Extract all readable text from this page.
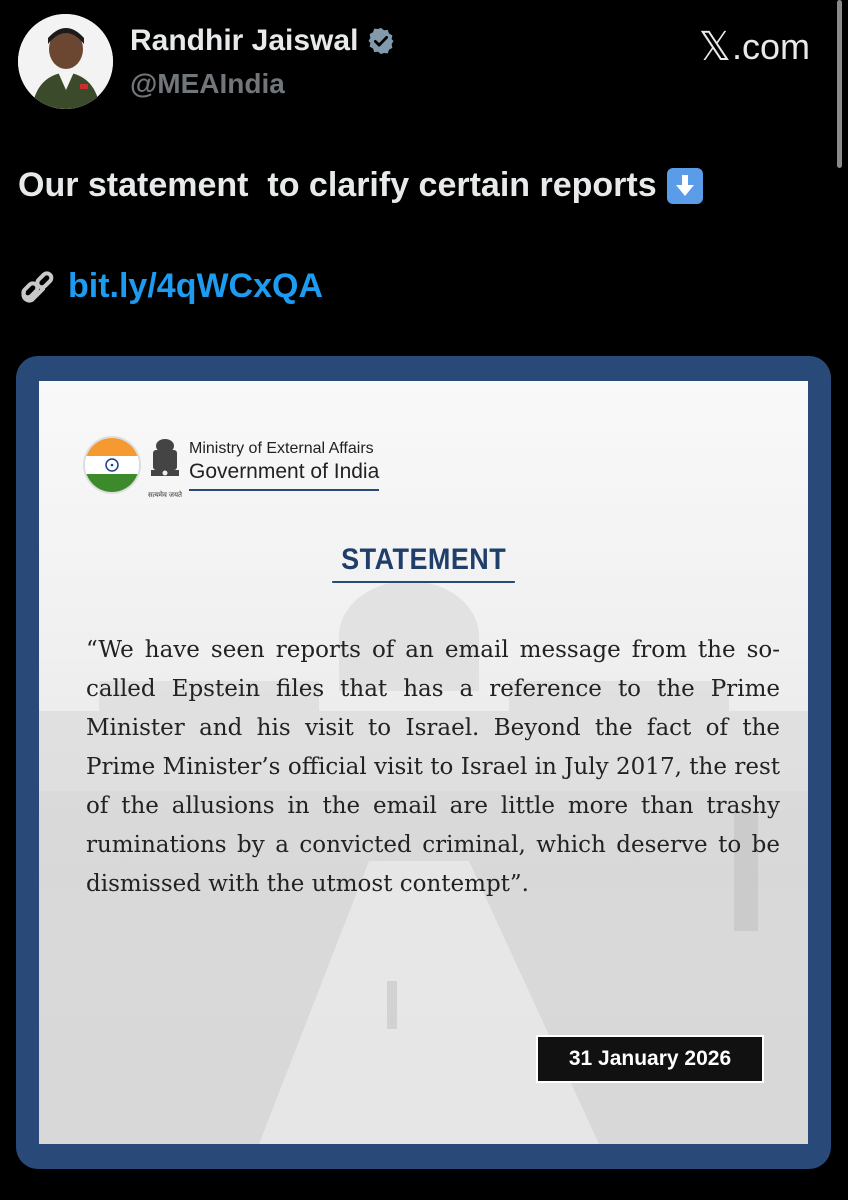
Randhir Jaiswal
@MEAIndia
𝕏 .com
Our statement  to clarify certain reports
bit.ly/4qWCxQA
सत्यमेव जयते
Ministry of External Affairs
Government of India
STATEMENT
“We have seen reports of an email message from the so-called Epstein files that has a reference to the Prime Minister and his visit to Israel. Beyond the fact of the Prime Minister’s official visit to Israel in July 2017, the rest of the allusions in the email are little more than trashy ruminations by a convicted criminal, which deserve to be dismissed with the utmost contempt”.
31 January 2026
